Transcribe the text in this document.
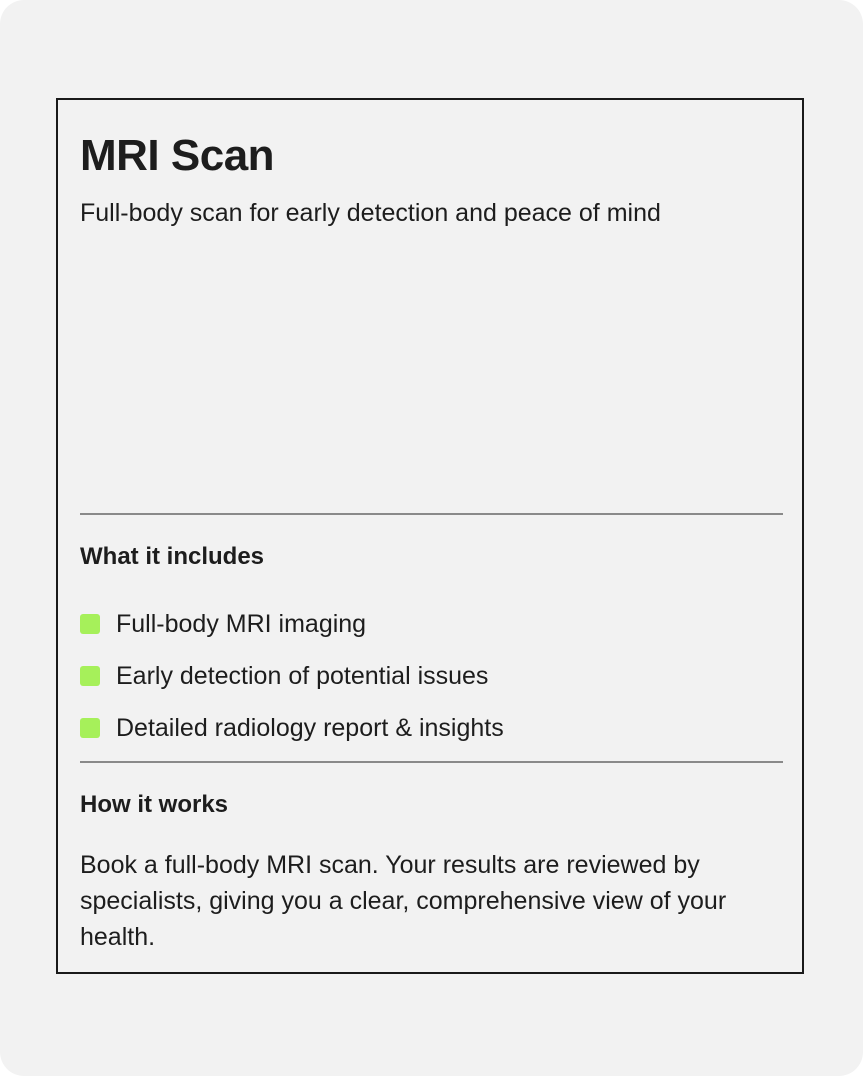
MRI Scan

Full-body scan for early detection and peace of mind

What it includes
Full-body MRI imaging
Early detection of potential issues
Detailed radiology report & insights
How it works

Book a full-body MRI scan. Your results are reviewed by specialists, giving you a clear, comprehensive view of your health.
